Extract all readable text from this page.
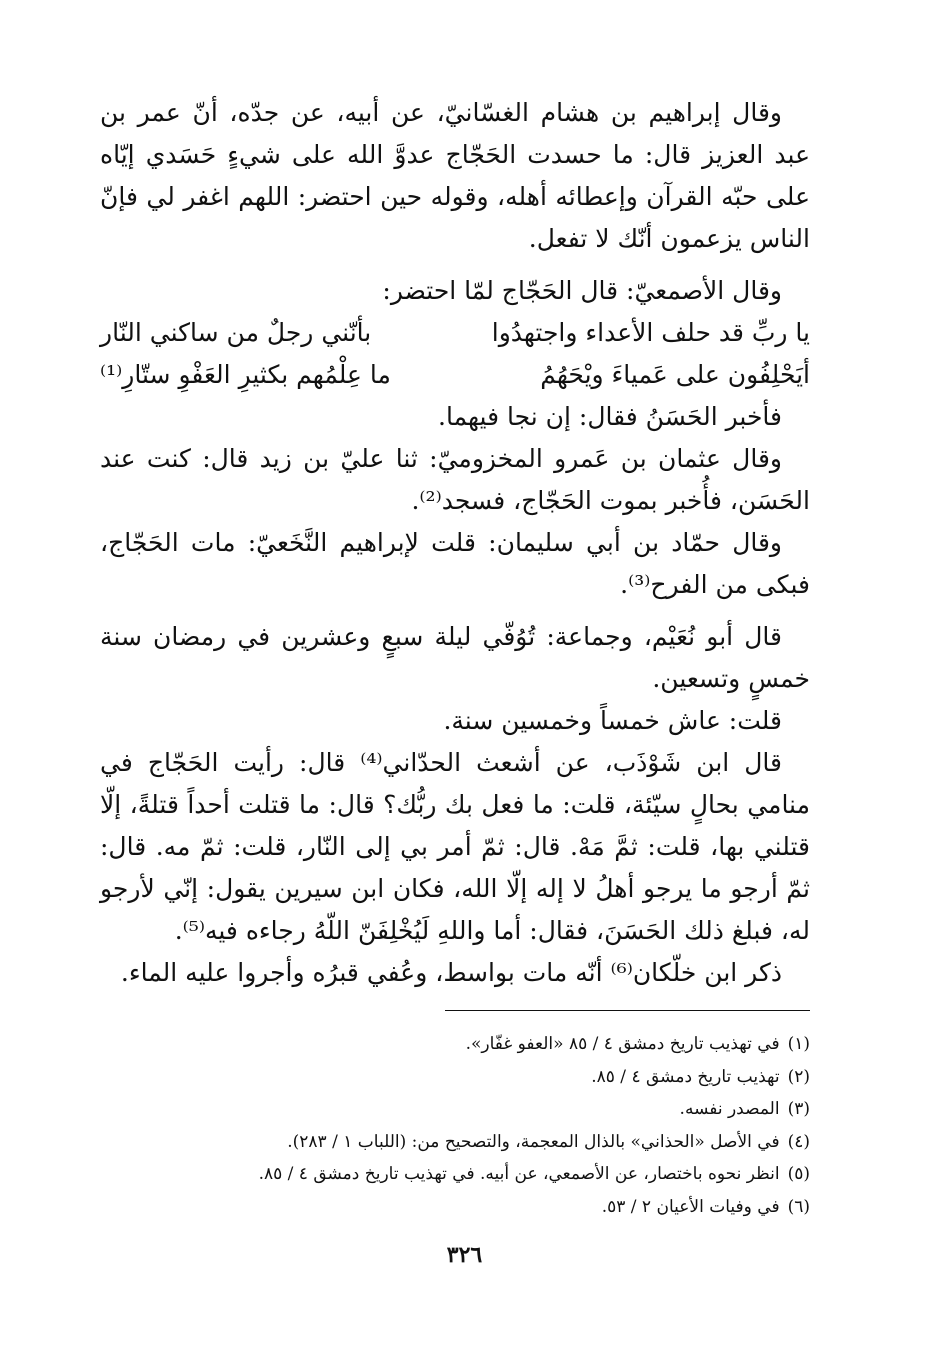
وقال إبراهيم بن هشام الغسّانيّ، عن أبيه، عن جدّه، أنّ عمر بن عبد العزيز قال: ما حسدت الحَجّاج عدوَّ الله على شيءٍ حَسَدي إيّاه على حبّه القرآن وإعطائه أهله، وقوله حين احتضر: اللهم اغفر لي فإنّ الناس يزعمون أنّك لا تفعل.

وقال الأصمعيّ: قال الحَجّاج لمّا احتضر:

يا ربِّ قد حلف الأعداء واجتهدُوا
بأنّني رجلٌ من ساكني النّار
أيَحْلِفُون على عَمياءَ ويْحَهُمُ
ما عِلْمُهم بكثيرِ العَفْوِ ستّارِ⁽¹⁾

فأخبر الحَسَنُ فقال: إن نجا فيهما.

وقال عثمان بن عَمرو المخزوميّ: ثنا عليّ بن زيد قال: كنت عند الحَسَن، فأُخبر بموت الحَجّاج، فسجد⁽²⁾.

وقال حمّاد بن أبي سليمان: قلت لإبراهيم النَّخَعيّ: مات الحَجّاج، فبكى من الفرح⁽³⁾.

قال أبو نُعَيْم، وجماعة: تُوُفّي ليلة سبعٍ وعشرين في رمضان سنة خمسٍ وتسعين.

قلت: عاش خمساً وخمسين سنة.

قال ابن شَوْذَب، عن أشعث الحدّاني⁽⁴⁾ قال: رأيت الحَجّاج في منامي بحالٍ سيّئة، قلت: ما فعل بك ربُّك؟ قال: ما قتلت أحداً قتلةً، إلّا قتلني بها، قلت: ثمَّ مَهْ. قال: ثمّ أمر بي إلى النّار، قلت: ثمّ مه. قال: ثمّ أرجو ما يرجو أهلُ لا إله إلّا الله، فكان ابن سيرين يقول: إنّي لأرجو له، فبلغ ذلك الحَسَنَ، فقال: أما واللهِ لَيُخْلِفَنّ اللّهُ رجاءه فيه⁽⁵⁾.

ذكر ابن خلّكان⁽⁶⁾ أنّه مات بواسط، وعُفي قبرُه وأجروا عليه الماء.

(١)في تهذيب تاريخ دمشق ٤ / ٨٥ «العفو غفّار».

(٢)تهذيب تاريخ دمشق ٤ / ٨٥.

(٣)المصدر نفسه.

(٤)في الأصل «الحذاني» بالذال المعجمة، والتصحيح من: (اللباب ١ / ٢٨٣).

(٥)انظر نحوه باختصار، عن الأصمعي، عن أبيه. في تهذيب تاريخ دمشق ٤ / ٨٥.

(٦)في وفيات الأعيان ٢ / ٥٣.

٣٢٦
